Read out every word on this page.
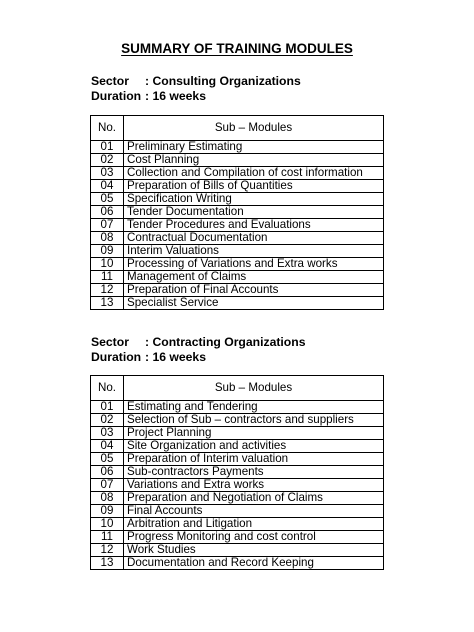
SUMMARY OF TRAINING MODULES
Sector	: Consulting Organizations
Duration : 16 weeks
No.	Sub – Modules
01	Preliminary Estimating
02	Cost Planning
03	Collection and Compilation of cost information
04	Preparation of Bills of Quantities
05	Specification Writing
06	Tender Documentation
07	Tender Procedures and Evaluations
08	Contractual Documentation
09	Interim Valuations
10	Processing of Variations and Extra works
11	Management of Claims
12	Preparation of Final Accounts
13	Specialist Service
Sector	: Contracting Organizations
Duration : 16 weeks
No.	Sub – Modules
01	Estimating and Tendering
02	Selection of Sub – contractors and suppliers
03	Project Planning
04	Site Organization and activities
05	Preparation of Interim valuation
06	Sub-contractors Payments
07	Variations and Extra works
08	Preparation and Negotiation of Claims
09	Final Accounts
10	Arbitration and Litigation
11	Progress Monitoring and cost control
12	Work Studies
13	Documentation and Record Keeping
